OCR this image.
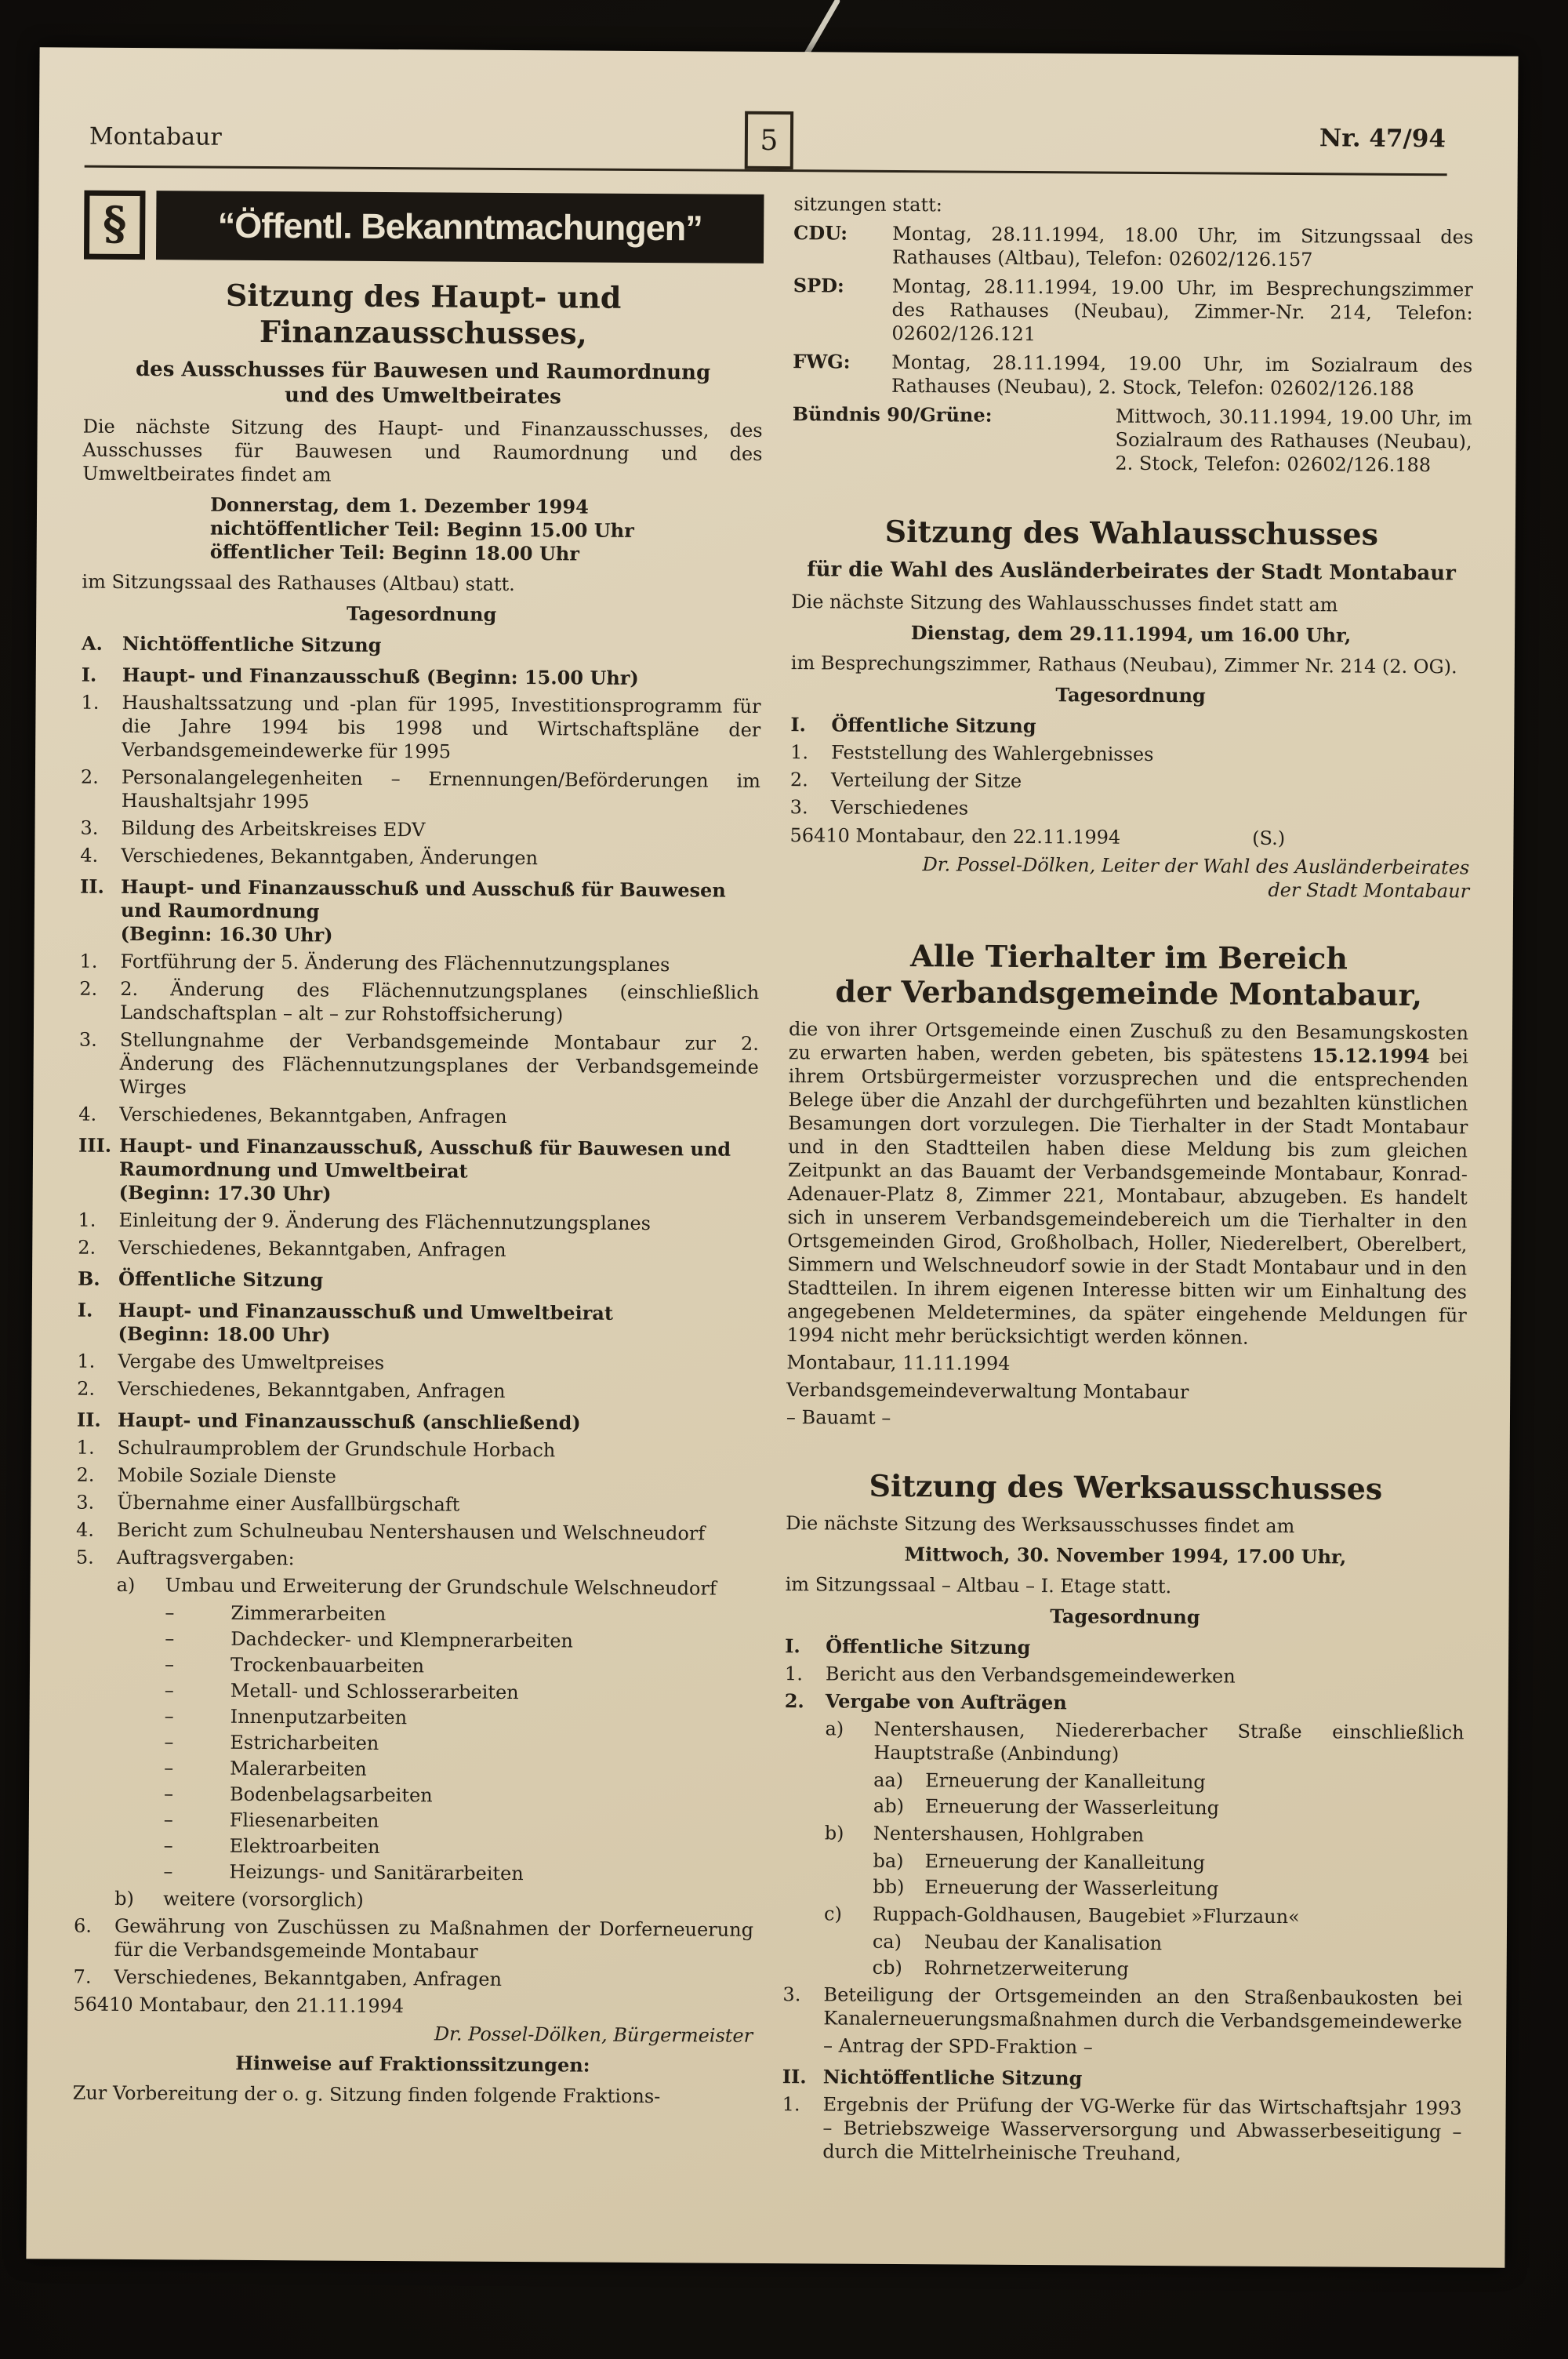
Montabaur	5	Nr. 47/94
§	“Öffentl. Bekanntmachungen”
Sitzung des Haupt- und
Finanzausschusses,
des Ausschusses für Bauwesen und Raumordnung
und des Umweltbeirates
Die nächste Sitzung des Haupt- und Finanzausschusses, des Ausschusses für Bauwesen und Raumordnung und des Umweltbeirates findet am
Donnerstag, dem 1. Dezember 1994
nichtöffentlicher Teil: Beginn 15.00 Uhr
öffentlicher Teil: Beginn 18.00 Uhr
im Sitzungssaal des Rathauses (Altbau) statt.
Tagesordnung
A.	Nichtöffentliche Sitzung
I.	Haupt- und Finanzausschuß (Beginn: 15.00 Uhr)
1.	Haushaltssatzung und -plan für 1995, Investitionsprogramm für die Jahre 1994 bis 1998 und Wirtschaftspläne der Verbandsgemeindewerke für 1995
2.	Personalangelegenheiten – Ernennungen/Beförderungen im Haushaltsjahr 1995
3.	Bildung des Arbeitskreises EDV
4.	Verschiedenes, Bekanntgaben, Änderungen
II. Haupt- und Finanzausschuß und Ausschuß für Bauwesen und Raumordnung
(Beginn: 16.30 Uhr)
1.	Fortführung der 5. Änderung des Flächennutzungsplanes
2.	2. Änderung des Flächennutzungsplanes (einschließlich Landschaftsplan – alt – zur Rohstoffsicherung)
3.	Stellungnahme der Verbandsgemeinde Montabaur zur 2. Änderung des Flächennutzungsplanes der Verbandsgemeinde Wirges
4.	Verschiedenes, Bekanntgaben, Anfragen
III. Haupt- und Finanzausschuß, Ausschuß für Bauwesen und Raumordnung und Umweltbeirat
(Beginn: 17.30 Uhr)
1.	Einleitung der 9. Änderung des Flächennutzungsplanes
2.	Verschiedenes, Bekanntgaben, Anfragen
B. Öffentliche Sitzung
I.	Haupt- und Finanzausschuß und Umweltbeirat
(Beginn: 18.00 Uhr)
1.	Vergabe des Umweltpreises
2.	Verschiedenes, Bekanntgaben, Anfragen
II. Haupt- und Finanzausschuß (anschließend)
1.	Schulraumproblem der Grundschule Horbach
2.	Mobile Soziale Dienste
3.	Übernahme einer Ausfallbürgschaft
4.	Bericht zum Schulneubau Nentershausen und Welschneudorf
5.	Auftragsvergaben:
a)	Umbau und Erweiterung der Grundschule Welschneudorf
–	Zimmerarbeiten
–	Dachdecker- und Klempnerarbeiten
–	Trockenbauarbeiten
–	Metall- und Schlosserarbeiten
–	Innenputzarbeiten
–	Estricharbeiten
–	Malerarbeiten
–	Bodenbelagsarbeiten
–	Fliesenarbeiten
–	Elektroarbeiten
–	Heizungs- und Sanitärarbeiten
b)	weitere (vorsorglich)
6.	Gewährung von Zuschüssen zu Maßnahmen der Dorferneuerung für die Verbandsgemeinde Montabaur
7.	Verschiedenes, Bekanntgaben, Anfragen
56410 Montabaur, den 21.11.1994
Dr. Possel-Dölken, Bürgermeister
Hinweise auf Fraktionssitzungen:
Zur Vorbereitung der o. g. Sitzung finden folgende Fraktions-
sitzungen statt:
CDU:	Montag, 28.11.1994, 18.00 Uhr, im Sitzungssaal des Rathauses (Altbau), Telefon: 02602/126.157
SPD:	Montag, 28.11.1994, 19.00 Uhr, im Besprechungszimmer des Rathauses (Neubau), Zimmer-Nr. 214, Telefon: 02602/126.121
FWG:	Montag, 28.11.1994, 19.00 Uhr, im Sozialraum des Rathauses (Neubau), 2. Stock, Telefon: 02602/126.188
Bündnis 90/Grüne:	Mittwoch, 30.11.1994, 19.00 Uhr, im Sozialraum des Rathauses (Neubau), 2. Stock, Telefon: 02602/126.188
Sitzung des Wahlausschusses
für die Wahl des Ausländerbeirates der Stadt Montabaur
Die nächste Sitzung des Wahlausschusses findet statt am
Dienstag, dem 29.11.1994, um 16.00 Uhr,
im Besprechungszimmer, Rathaus (Neubau), Zimmer Nr. 214 (2. OG).
Tagesordnung
I.	Öffentliche Sitzung
1.	Feststellung des Wahlergebnisses
2.	Verteilung der Sitze
3.	Verschiedenes
56410 Montabaur, den 22.11.1994	(S.)
Dr. Possel-Dölken, Leiter der Wahl des Ausländerbeirates
der Stadt Montabaur
Alle Tierhalter im Bereich
der Verbandsgemeinde Montabaur,
die von ihrer Ortsgemeinde einen Zuschuß zu den Besamungskosten zu erwarten haben, werden gebeten, bis spätestens 15.12.1994 bei ihrem Ortsbürgermeister vorzusprechen und die entsprechenden Belege über die Anzahl der durchgeführten und bezahlten künstlichen Besamungen dort vorzulegen. Die Tierhalter in der Stadt Montabaur und in den Stadtteilen haben diese Meldung bis zum gleichen Zeitpunkt an das Bauamt der Verbandsgemeinde Montabaur, Konrad-Adenauer-Platz 8, Zimmer 221, Montabaur, abzugeben. Es handelt sich in unserem Verbandsgemeindebereich um die Tierhalter in den Ortsgemeinden Girod, Großholbach, Holler, Niederelbert, Oberelbert, Simmern und Welschneudorf sowie in der Stadt Montabaur und in den Stadtteilen. In ihrem eigenen Interesse bitten wir um Einhaltung des angegebenen Meldetermines, da später eingehende Meldungen für 1994 nicht mehr berücksichtigt werden können.
Montabaur, 11.11.1994
Verbandsgemeindeverwaltung Montabaur
– Bauamt –
Sitzung des Werksausschusses
Die nächste Sitzung des Werksausschusses findet am
Mittwoch, 30. November 1994, 17.00 Uhr,
im Sitzungssaal – Altbau – I. Etage statt.
Tagesordnung
I.	Öffentliche Sitzung
1.	Bericht aus den Verbandsgemeindewerken
2.	Vergabe von Aufträgen
a)	Nentershausen, Niedererbacher Straße einschließlich Hauptstraße (Anbindung)
aa)	Erneuerung der Kanalleitung
ab)	Erneuerung der Wasserleitung
b)	Nentershausen, Hohlgraben
ba)	Erneuerung der Kanalleitung
bb)	Erneuerung der Wasserleitung
c)	Ruppach-Goldhausen, Baugebiet »Flurzaun«
ca)	Neubau der Kanalisation
cb)	Rohrnetzerweiterung
3.	Beteiligung der Ortsgemeinden an den Straßenbaukosten bei Kanalerneuerungsmaßnahmen durch die Verbandsgemeindewerke
– Antrag der SPD-Fraktion –
II. Nichtöffentliche Sitzung
1.	Ergebnis der Prüfung der VG-Werke für das Wirtschaftsjahr 1993 – Betriebszweige Wasserversorgung und Abwasserbeseitigung – durch die Mittelrheinische Treuhand,
